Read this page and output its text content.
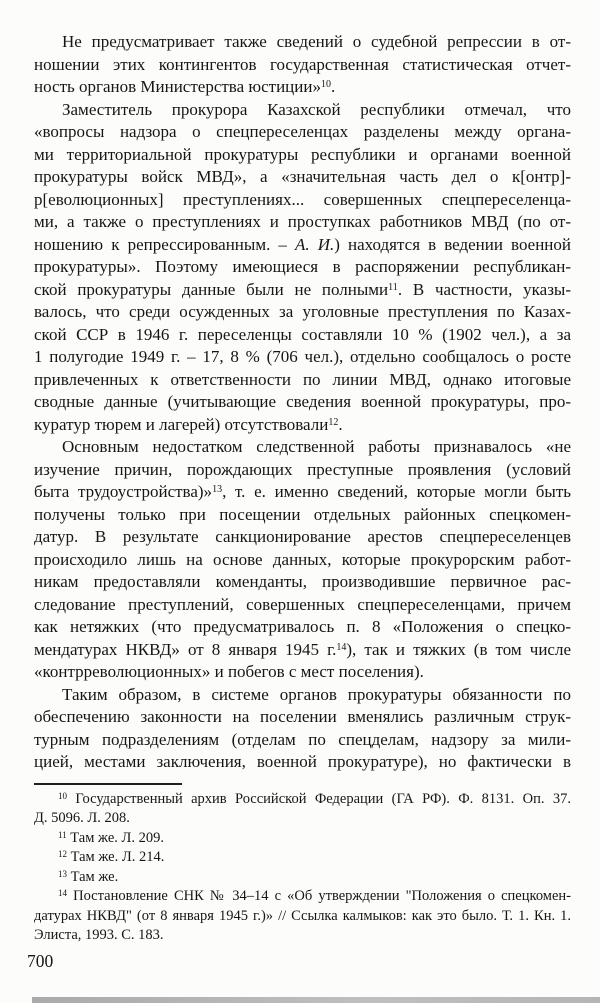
Не предусматривает также сведений о судебной репрессии в от-
ношении этих контингентов государственная статистическая отчет-
ность органов Министерства юстиции»$^{10}$.
Заместитель прокурора Казахской республики отмечал, что
«вопросы надзора о спецпереселенцах разделены между органа-
ми территориальной прокуратуры республики и органами военной
прокуратуры войск МВД», а «значительная часть дел о к[онтр]-
р[еволюционных] преступлениях... совершенных спецпереселенца-
ми, а также о преступлениях и проступках работников МВД (по от-
ношению к репрессированным. – А. И.) находятся в ведении военной
прокуратуры». Поэтому имеющиеся в распоряжении республикан-
ской прокуратуры данные были не полными$^{11}$. В частности, указы-
валось, что среди осужденных за уголовные преступления по Казах-
ской ССР в 1946 г. переселенцы составляли 10 % (1902 чел.), а за
1 полугодие 1949 г. – 17, 8 % (706 чел.), отдельно сообщалось о росте
привлеченных к ответственности по линии МВД, однако итоговые
сводные данные (учитывающие сведения военной прокуратуры, про-
куратур тюрем и лагерей) отсутствовали$^{12}$.
Основным недостатком следственной работы признавалось «не
изучение причин, порождающих преступные проявления (условий
быта трудоустройства)»$^{13}$, т. е. именно сведений, которые могли быть
получены только при посещении отдельных районных спецкомен-
датур. В результате санкционирование арестов спецпереселенцев
происходило лишь на основе данных, которые прокурорским работ-
никам предоставляли коменданты, производившие первичное рас-
следование преступлений, совершенных спецпереселенцами, причем
как нетяжких (что предусматривалось п. 8 «Положения о спецко-
мендатурах НКВД» от 8 января 1945 г.$^{14}$), так и тяжких (в том числе
«контрреволюционных» и побегов с мест поселения).
Таким образом, в системе органов прокуратуры обязанности по
обеспечению законности на поселении вменялись различным струк-
турным подразделениям (отделам по спецделам, надзору за мили-
цией, местами заключения, военной прокуратуре), но фактически в
$^{10}$ Государственный архив Российской Федерации (ГА РФ). Ф. 8131. Оп. 37.
Д. 5096. Л. 208.
$^{11}$ Там же. Л. 209.
$^{12}$ Там же. Л. 214.
$^{13}$ Там же.
$^{14}$ Постановление СНК № 34–14 с «Об утверждении "Положения о спецкомен-
датурах НКВД" (от 8 января 1945 г.)» // Ссылка калмыков: как это было. Т. 1. Кн. 1.
Элиста, 1993. С. 183.
700
